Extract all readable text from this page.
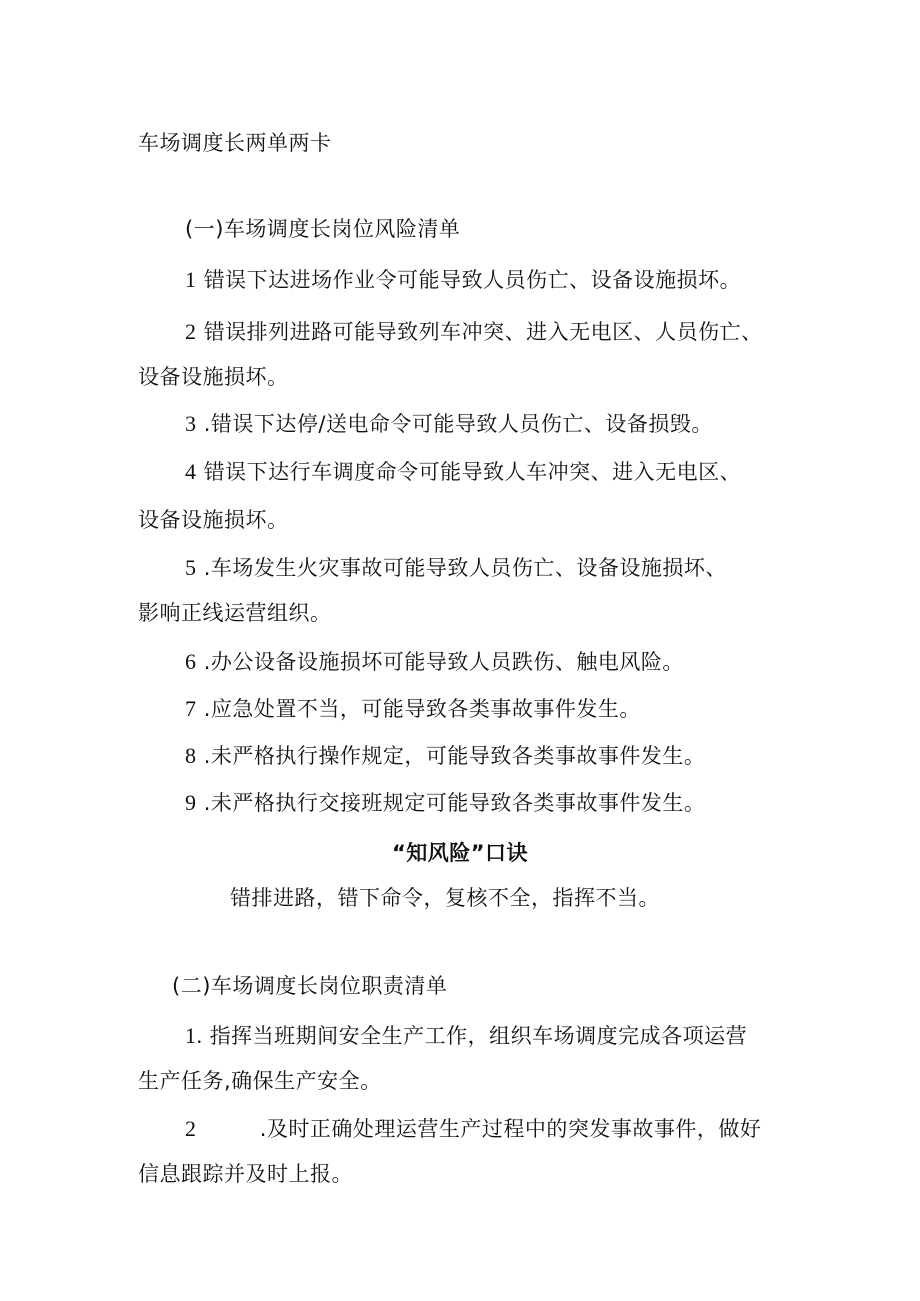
车场调度长两单两卡
(一)车场调度长岗位风险清单
1 错误下达进场作业令可能导致人员伤亡、设备设施损坏。
2 错误排列进路可能导致列车冲突、进入无电区、人员伤亡、
设备设施损坏。
3 .错误下达停/送电命令可能导致人员伤亡、设备损毁。
4 错误下达行车调度命令可能导致人车冲突、进入无电区、
设备设施损坏。
5 .车场发生火灾事故可能导致人员伤亡、设备设施损坏、
影响正线运营组织。
6 .办公设备设施损坏可能导致人员跌伤、触电风险。
7 .应急处置不当，可能导致各类事故事件发生。
8 .未严格执行操作规定，可能导致各类事故事件发生。
9 .未严格执行交接班规定可能导致各类事故事件发生。
“知风险”口诀
错排进路，错下命令，复核不全，指挥不当。
(二)车场调度长岗位职责清单
1. 指挥当班期间安全生产工作，组织车场调度完成各项运营
生产任务,确保生产安全。
2	.及时正确处理运营生产过程中的突发事故事件，做好
信息跟踪并及时上报。
